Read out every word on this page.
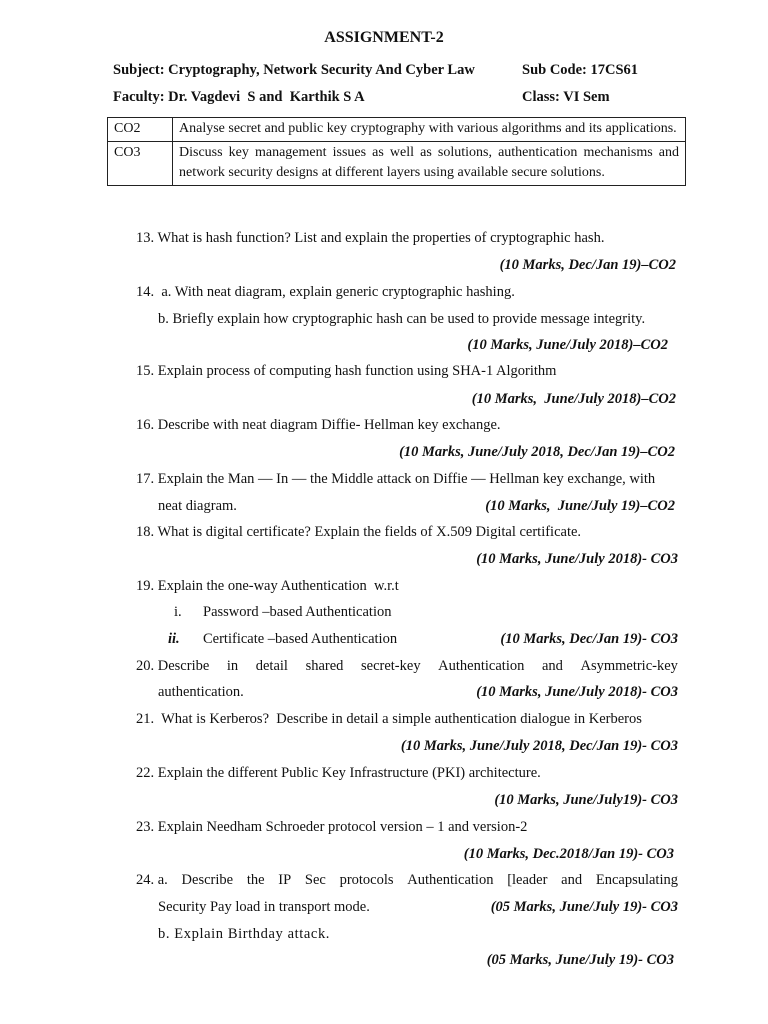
ASSIGNMENT-2
Subject: Cryptography, Network Security And Cyber Law	Sub Code: 17CS61
Faculty: Dr. Vagdevi  S and  Karthik S A	Class: VI Sem
CO2	Analyse secret and public key cryptography with various algorithms and its applications.
CO3	Discuss key management issues as well as solutions, authentication mechanisms and network security designs at different layers using available secure solutions.
13. What is hash function? List and explain the properties of cryptographic hash.
(10 Marks, Dec/Jan 19)–CO2
14.  a. With neat diagram, explain generic cryptographic hashing.
b. Briefly explain how cryptographic hash can be used to provide message integrity.
(10 Marks, June/July 2018)–CO2
15. Explain process of computing hash function using SHA-1 Algorithm
(10 Marks,  June/July 2018)–CO2
16. Describe with neat diagram Diffie- Hellman key exchange.
(10 Marks, June/July 2018, Dec/Jan 19)–CO2
17. Explain the Man — In — the Middle attack on Diffie — Hellman key exchange, with
neat diagram.	(10 Marks,  June/July 19)–CO2
18. What is digital certificate? Explain the fields of X.509 Digital certificate.
(10 Marks, June/July 2018)- CO3
19. Explain the one-way Authentication  w.r.t
i. Password –based Authentication
ii. Certificate –based Authentication	(10 Marks, Dec/Jan 19)- CO3
20. Describe in detail shared secret-key Authentication and Asymmetric-key
authentication.	(10 Marks, June/July 2018)- CO3
21.  What is Kerberos?  Describe in detail a simple authentication dialogue in Kerberos
(10 Marks, June/July 2018, Dec/Jan 19)- CO3
22. Explain the different Public Key Infrastructure (PKI) architecture.
(10 Marks, June/July19)- CO3
23. Explain Needham Schroeder protocol version – 1 and version-2
(10 Marks, Dec.2018/Jan 19)- CO3
24. a. Describe the IP Sec protocols Authentication [leader and Encapsulating
Security Pay load in transport mode.	(05 Marks, June/July 19)- CO3
b. Explain Birthday attack.
(05 Marks, June/July 19)- CO3
